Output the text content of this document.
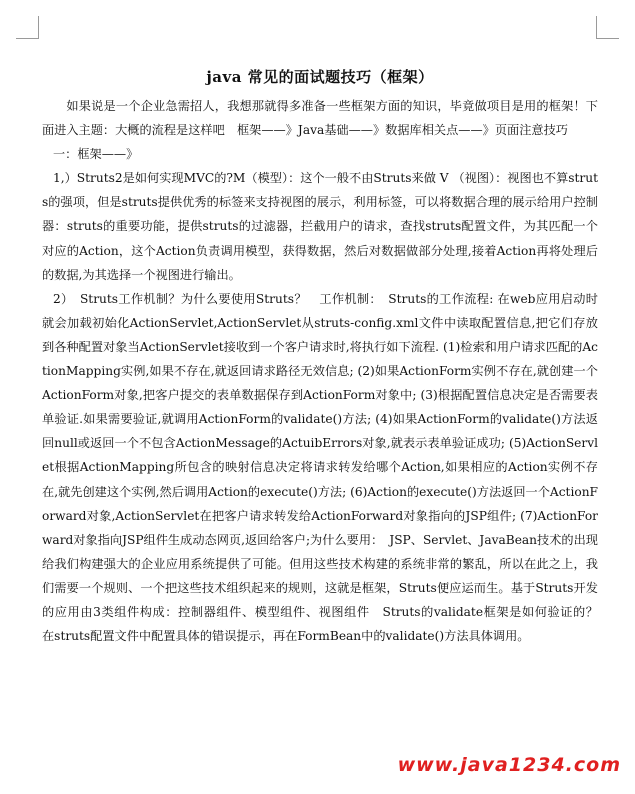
java 常见的面试题技巧（框架）

如果说是一个企业急需招人，我想那就得多准备一些框架方面的知识，毕竟做项目是用的框架！下面进入主题：大概的流程是这样吧　框架——》Java基础——》数据库相关点——》页面注意技巧

一：框架——》

1,）Struts2是如何实现MVC的?M（模型）：这个一般不由Struts来做 V （视图）：视图也不算struts的强项，但是struts提供优秀的标签来支持视图的展示，利用标签，可以将数据合理的展示给用户控制器：struts的重要功能，提供struts的过滤器，拦截用户的请求，查找struts配置文件，为其匹配一个对应的Action，这个Action负责调用模型，获得数据，然后对数据做部分处理,接着Action再将处理后的数据,为其选择一个视图进行输出。

2）　Struts工作机制？为什么要使用Struts？　工作机制：　Struts的工作流程: 在web应用启动时就会加载初始化ActionServlet,ActionServlet从struts-config.xml文件中读取配置信息,把它们存放到各种配置对象当ActionServlet接收到一个客户请求时,将执行如下流程. (1)检索和用户请求匹配的ActionMapping实例,如果不存在,就返回请求路径无效信息; (2)如果ActionForm实例不存在,就创建一个ActionForm对象,把客户提交的表单数据保存到ActionForm对象中; (3)根据配置信息决定是否需要表单验证.如果需要验证,就调用ActionForm的validate()方法; (4)如果ActionForm的validate()方法返回null或返回一个不包含ActionMessage的ActuibErrors对象,就表示表单验证成功; (5)ActionServlet根据ActionMapping所包含的映射信息决定将请求转发给哪个Action,如果相应的Action实例不存在,就先创建这个实例,然后调用Action的execute()方法; (6)Action的execute()方法返回一个ActionForward对象,ActionServlet在把客户请求转发给ActionForward对象指向的JSP组件; (7)ActionForward对象指向JSP组件生成动态网页,返回给客户;为什么要用：　JSP、Servlet、JavaBean技术的出现给我们构建强大的企业应用系统提供了可能。但用这些技术构建的系统非常的繁乱，所以在此之上，我们需要一个规则、一个把这些技术组织起来的规则，这就是框架，Struts便应运而生。基于Struts开发的应用由3类组件构成：控制器组件、模型组件、视图组件　Struts的validate框架是如何验证的？　在struts配置文件中配置具体的错误提示，再在FormBean中的validate()方法具体调用。

www.java1234.com
